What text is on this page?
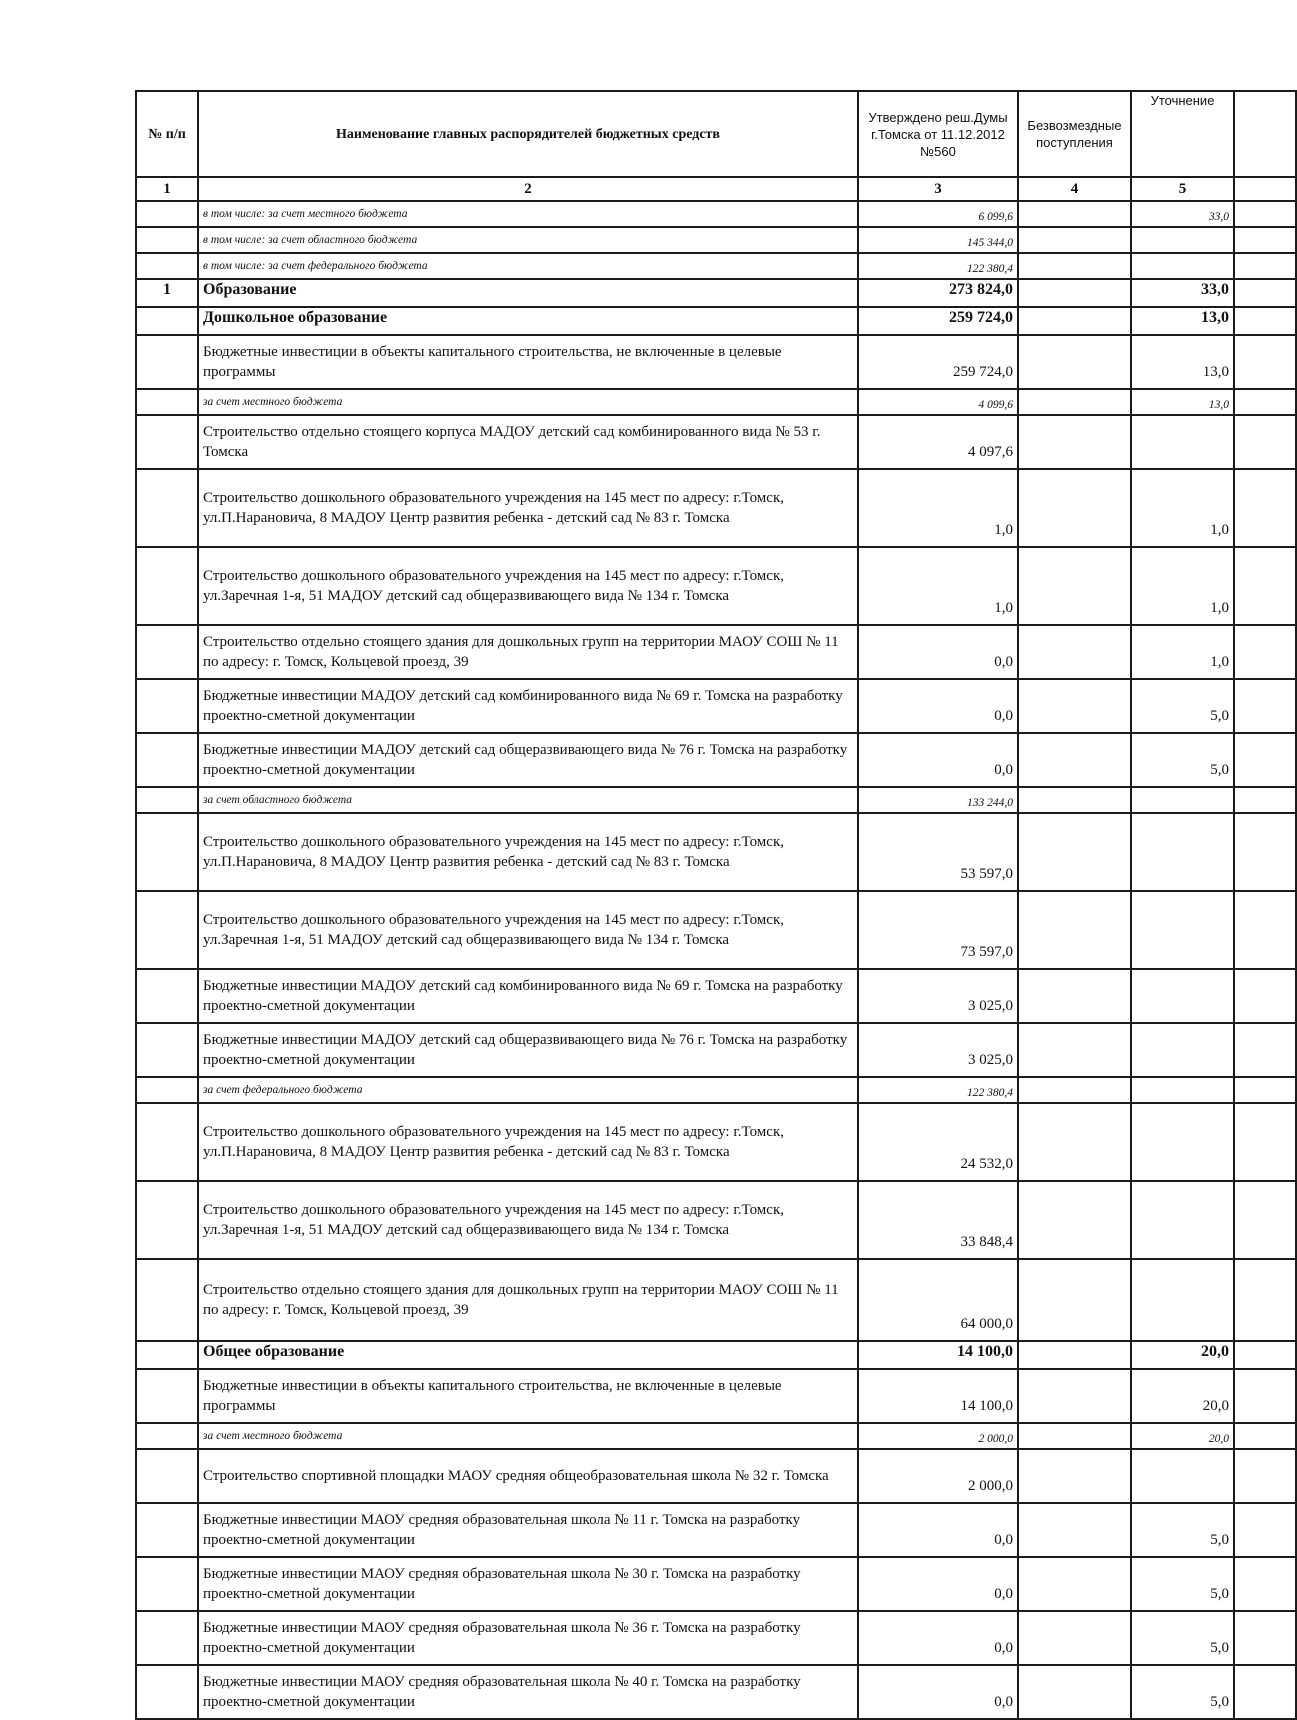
№ п/п	Наименование главных распорядителей бюджетных средств	Утверждено реш.Думы г.Томска от 11.12.2012 №560	Безвозмездные поступления	Уточнение	
1	2	3	4	5	
	в том числе: за счет местного бюджета	6 099,6		33,0	
	в том числе: за счет областного бюджета	145 344,0			
	в том числе: за счет федерального бюджета	122 380,4			
1	Образование	273 824,0		33,0	
	Дошкольное образование	259 724,0		13,0	
	Бюджетные инвестиции в объекты капитального строительства, не включенные в целевые программы	259 724,0		13,0	
	за счет местного бюджета	4 099,6		13,0	
	Строительство отдельно стоящего корпуса МАДОУ детский сад комбинированного вида № 53 г. Томска	4 097,6			
	Строительство дошкольного образовательного учреждения на 145 мест по адресу: г.Томск, ул.П.Нарановича, 8 МАДОУ Центр развития ребенка - детский сад № 83 г. Томска	1,0		1,0	
	Строительство дошкольного образовательного учреждения на 145 мест по адресу: г.Томск, ул.Заречная 1-я, 51 МАДОУ детский сад общеразвивающего вида № 134 г. Томска	1,0		1,0	
	Строительство отдельно стоящего здания для дошкольных групп на территории МАОУ СОШ № 11 по адресу: г. Томск, Кольцевой проезд, 39	0,0		1,0	
	Бюджетные инвестиции МАДОУ детский сад комбинированного вида № 69 г. Томска на разработку проектно-сметной документации	0,0		5,0	
	Бюджетные инвестиции МАДОУ детский сад общеразвивающего вида № 76 г. Томска на разработку проектно-сметной документации	0,0		5,0	
	за счет областного бюджета	133 244,0			
	Строительство дошкольного образовательного учреждения на 145 мест по адресу: г.Томск, ул.П.Нарановича, 8 МАДОУ Центр развития ребенка - детский сад № 83 г. Томска	53 597,0			
	Строительство дошкольного образовательного учреждения на 145 мест по адресу: г.Томск, ул.Заречная 1-я, 51 МАДОУ детский сад общеразвивающего вида № 134 г. Томска	73 597,0			
	Бюджетные инвестиции МАДОУ детский сад комбинированного вида № 69 г. Томска на разработку проектно-сметной документации	3 025,0			
	Бюджетные инвестиции МАДОУ детский сад общеразвивающего вида № 76 г. Томска на разработку проектно-сметной документации	3 025,0			
	за счет федерального бюджета	122 380,4			
	Строительство дошкольного образовательного учреждения на 145 мест по адресу: г.Томск, ул.П.Нарановича, 8 МАДОУ Центр развития ребенка - детский сад № 83 г. Томска	24 532,0			
	Строительство дошкольного образовательного учреждения на 145 мест по адресу: г.Томск, ул.Заречная 1-я, 51 МАДОУ детский сад общеразвивающего вида № 134 г. Томска	33 848,4			
	Строительство отдельно стоящего здания для дошкольных групп на территории МАОУ СОШ № 11 по адресу: г. Томск, Кольцевой проезд, 39	64 000,0			
	Общее образование	14 100,0		20,0	
	Бюджетные инвестиции в объекты капитального строительства, не включенные в целевые программы	14 100,0		20,0	
	за счет местного бюджета	2 000,0		20,0	
	Строительство спортивной площадки МАОУ средняя общеобразовательная школа № 32 г. Томска	2 000,0			
	Бюджетные инвестиции МАОУ средняя образовательная школа № 11 г. Томска на разработку проектно-сметной документации	0,0		5,0	
	Бюджетные инвестиции МАОУ средняя образовательная школа № 30 г. Томска на разработку проектно-сметной документации	0,0		5,0	
	Бюджетные инвестиции МАОУ средняя образовательная школа № 36 г. Томска на разработку проектно-сметной документации	0,0		5,0	
	Бюджетные инвестиции МАОУ средняя образовательная школа № 40 г. Томска на разработку проектно-сметной документации	0,0		5,0	
